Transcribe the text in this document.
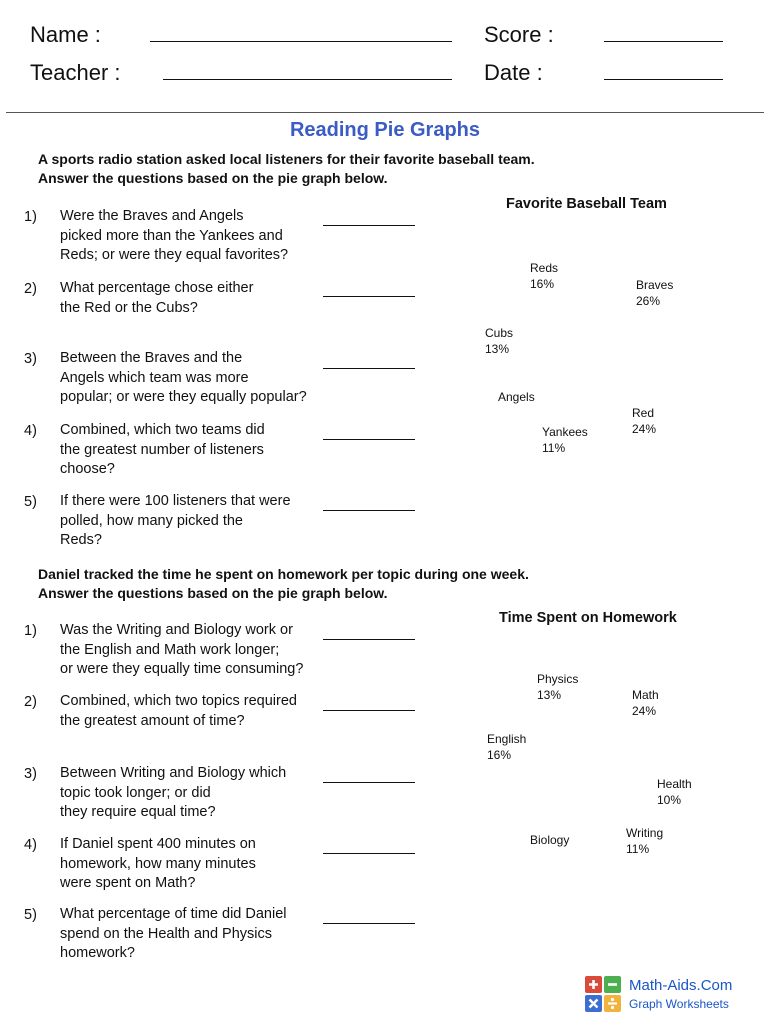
Name :
Teacher :
Score :
Date :
Reading Pie Graphs
A sports radio station asked local listeners for their favorite baseball team.
Answer the questions based on the pie graph below.
1) Were the Braves and Angels
picked more than the Yankees and
Reds; or were they equal favorites?
2) What percentage chose either
the Red or the Cubs?
3) Between the Braves and the
Angels which team was more
popular; or were they equally popular?
4) Combined, which two teams did
the greatest number of listeners
choose?
5) If there were 100 listeners that were
polled, how many picked the
Reds?
Favorite Baseball Team
Reds
16%	Braves
26%
Cubs
13%
Angels
Yankees
11%
Red
24%
Daniel tracked the time he spent on homework per topic during one week.
Answer the questions based on the pie graph below.
1) Was the Writing and Biology work or
the English and Math work longer;
or were they equally time consuming?
2) Combined, which two topics required
the greatest amount of time?
3) Between Writing and Biology which
topic took longer; or did
they require equal time?
4) If Daniel spent 400 minutes on
homework, how many minutes
were spent on Math?
5) What percentage of time did Daniel
spend on the Health and Physics
homework?
Time Spent on Homework
Physics
13%	Math
24%
English
16%
Health
10%
Biology	Writing
11%
Math-Aids.Com
Graph Worksheets
